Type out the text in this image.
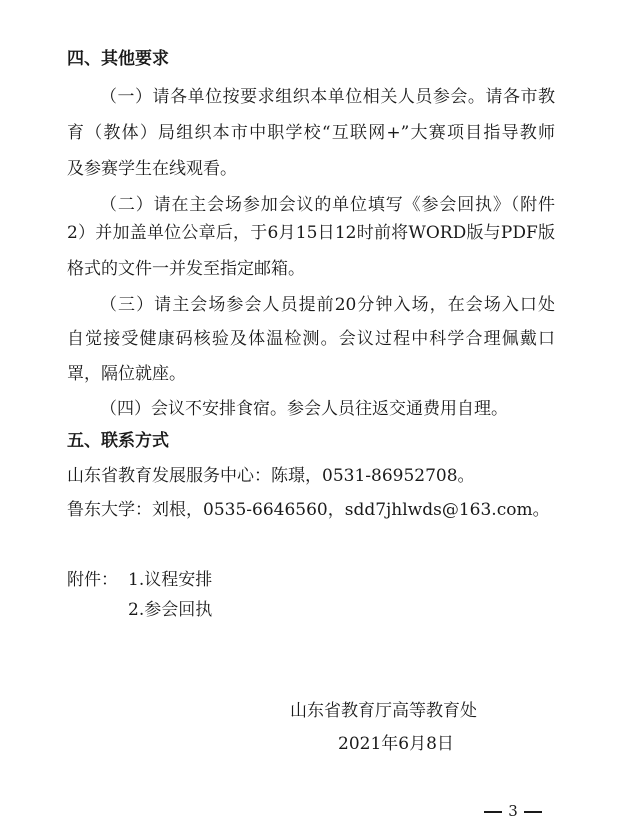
四、其他要求
（一）请各单位按要求组织本单位相关人员参会。请各市教
育（教体）局组织本市中职学校“互联网+”大赛项目指导教师
及参赛学生在线观看。
（二）请在主会场参加会议的单位填写《参会回执》（附件
2）并加盖单位公章后，于6月15日12时前将WORD版与PDF版
格式的文件一并发至指定邮箱。
（三）请主会场参会人员提前20分钟入场，在会场入口处
自觉接受健康码核验及体温检测。会议过程中科学合理佩戴口
罩，隔位就座。
（四）会议不安排食宿。参会人员往返交通费用自理。
五、联系方式
山东省教育发展服务中心：陈璟，0531-86952708。
鲁东大学：刘根，0535-6646560，sdd7jhlwds@163.com。
附件： 1.议程安排
2.参会回执
山东省教育厅高等教育处
2021年6月8日
3
